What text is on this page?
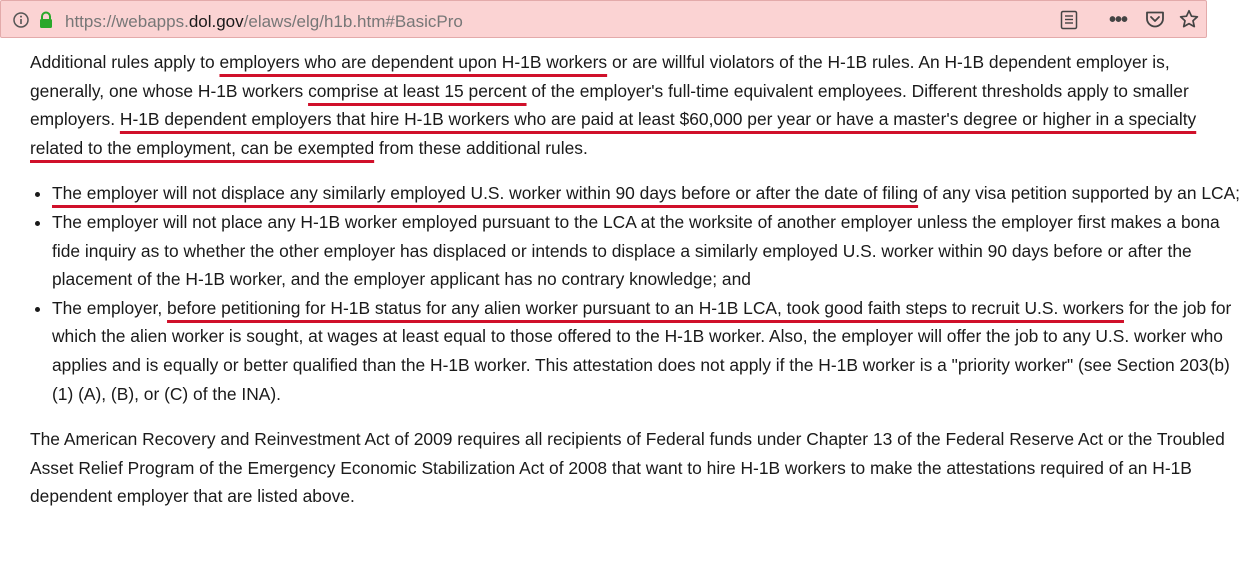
https://webapps.dol.gov/elaws/elg/h1b.htm#BasicPro	•••

Additional rules apply to employers who are dependent upon H-1B workers or are willful violators of the H-1B rules. An H-1B dependent employer is, generally, one whose H-1B workers comprise at least 15 percent of the employer's full-time equivalent employees. Different thresholds apply to smaller employers. H-1B dependent employers that hire H-1B workers who are paid at least $60,000 per year or have a master's degree or higher in a specialty related to the employment, can be exempted from these additional rules.

• The employer will not displace any similarly employed U.S. worker within 90 days before or after the date of filing of any visa petition supported by an LCA;
• The employer will not place any H-1B worker employed pursuant to the LCA at the worksite of another employer unless the employer first makes a bona fide inquiry as to whether the other employer has displaced or intends to displace a similarly employed U.S. worker within 90 days before or after the placement of the H-1B worker, and the employer applicant has no contrary knowledge; and
• The employer, before petitioning for H-1B status for any alien worker pursuant to an H-1B LCA, took good faith steps to recruit U.S. workers for the job for which the alien worker is sought, at wages at least equal to those offered to the H-1B worker. Also, the employer will offer the job to any U.S. worker who applies and is equally or better qualified than the H-1B worker. This attestation does not apply if the H-1B worker is a "priority worker" (see Section 203(b) (1) (A), (B), or (C) of the INA).

The American Recovery and Reinvestment Act of 2009 requires all recipients of Federal funds under Chapter 13 of the Federal Reserve Act or the Troubled Asset Relief Program of the Emergency Economic Stabilization Act of 2008 that want to hire H-1B workers to make the attestations required of an H-1B dependent employer that are listed above.
